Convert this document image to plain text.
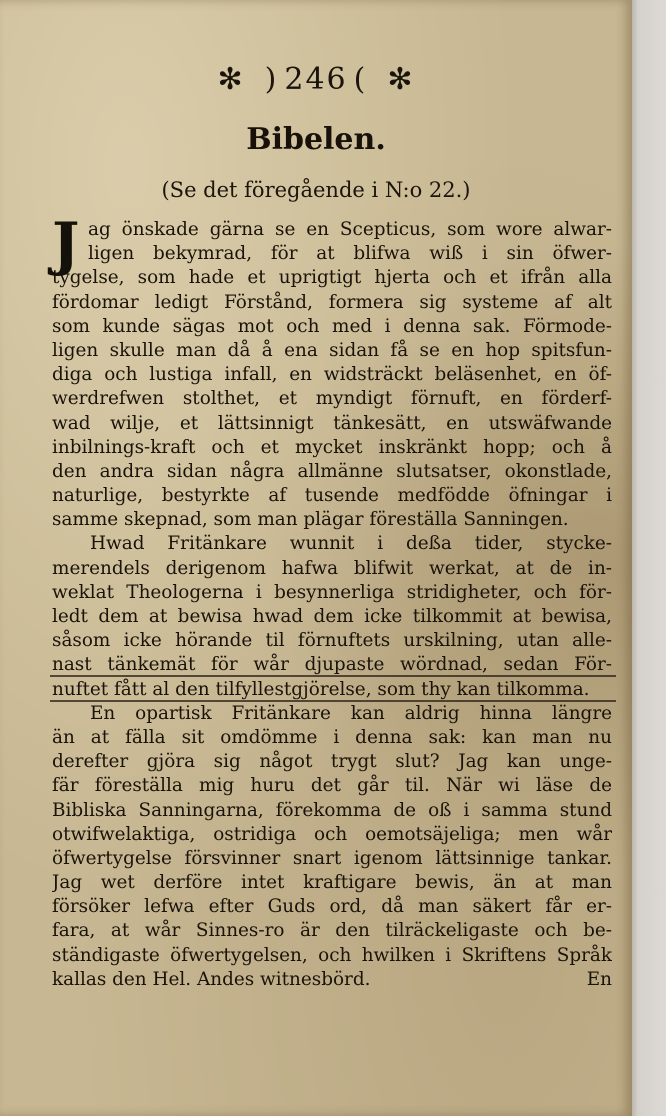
✻ ) 246 ( ✻
Bibelen.
(Se det föregående i N:o 22.)
J ag önskade gärna se en Scepticus, som wore alwar-
ligen bekymrad, för at blifwa wiß i sin öfwer-
tygelse, som hade et uprigtigt hjerta och et ifrån alla
fördomar ledigt Förstånd, formera sig systeme af alt
som kunde sägas mot och med i denna sak. Förmode-
ligen skulle man då å ena sidan få se en hop spitsfun-
diga och lustiga infall, en widsträckt beläsenhet, en öf-
werdrefwen stolthet, et myndigt förnuft, en förderf-
wad wilje, et lättsinnigt tänkesätt, en utswäfwande
inbilnings-kraft och et mycket inskränkt hopp; och å
den andra sidan några allmänne slutsatser, okonstlade,
naturlige, bestyrkte af tusende medfödde öfningar i
samme skepnad, som man plägar föreställa Sanningen.
Hwad Fritänkare wunnit i deßa tider, stycke-
merendels derigenom hafwa blifwit werkat, at de in-
weklat Theologerna i besynnerliga stridigheter, och för-
ledt dem at bewisa hwad dem icke tilkommit at bewisa,
såsom icke hörande til förnuftets urskilning, utan alle-
nast tänkemät för wår djupaste wördnad, sedan För-
nuftet fått al den tilfyllestgjörelse, som thy kan tilkomma.
En opartisk Fritänkare kan aldrig hinna längre
än at fälla sit omdömme i denna sak: kan man nu
derefter gjöra sig något trygt slut? Jag kan unge-
fär föreställa mig huru det går til. När wi läse de
Bibliska Sanningarna, förekomma de oß i samma stund
otwifwelaktiga, ostridiga och oemotsäjeliga; men wår
öfwertygelse försvinner snart igenom lättsinnige tankar.
Jag wet derföre intet kraftigare bewis, än at man
försöker lefwa efter Guds ord, då man säkert får er-
fara, at wår Sinnes-ro är den tilräckeligaste och be-
ständigaste öfwertygelsen, och hwilken i Skriftens Språk
kallas den Hel. Andes witnesbörd.	En
